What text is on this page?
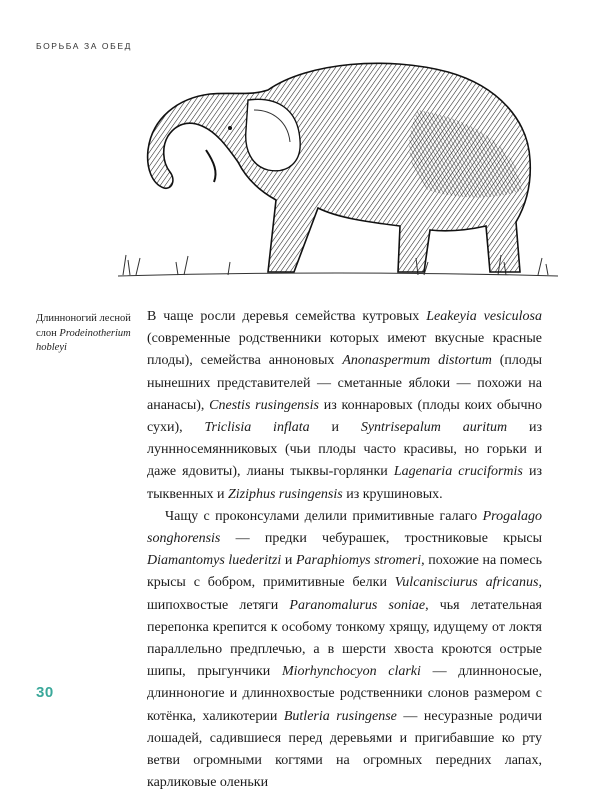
БОРЬБА ЗА ОБЕД
Длинноногий лесной
слон Prodeinotherium
hobleyi

В чаще росли деревья семейства кутровых Leakeyia vesiculosa (современные родственники которых имеют вкусные красные плоды), семейства анноновых Anonaspermum distortum (плоды нынешних представителей — сметанные яблоки — похожи на ананасы), Cnestis rusingensis из коннаровых (плоды коих обычно сухи), Triclisia inflata и Syntrisepalum auritum из луннносемянниковых (чьи плоды часто красивы, но горьки и даже ядовиты), лианы тыквы-горлянки Lagenaria cruciformis из тыквенных и Ziziphus rusingensis из крушиновых.

Чащу с проконсулами делили примитивные галаго Progalago songhorensis — предки чебурашек, тростниковые крысы Diamantomys luederitzi и Paraphiomys stromeri, похожие на помесь крысы с бобром, примитивные белки Vulcanisciurus africanus, шипохвостые летяги Paranomalurus soniae, чья летательная перепонка крепится к особому тонкому хрящу, идущему от локтя параллельно предплечью, а в шерсти хвоста кроются острые шипы, прыгунчики Miorhynchocyon clarki — длинноносые, длинноногие и длиннохвостые родственники слонов размером с котёнка, халикотерии Butleria rusingense — несуразные родичи лошадей, садившиеся перед деревьями и пригибавшие ко рту ветви огромными когтями на огромных передних лапах, карликовые оленьки

30
